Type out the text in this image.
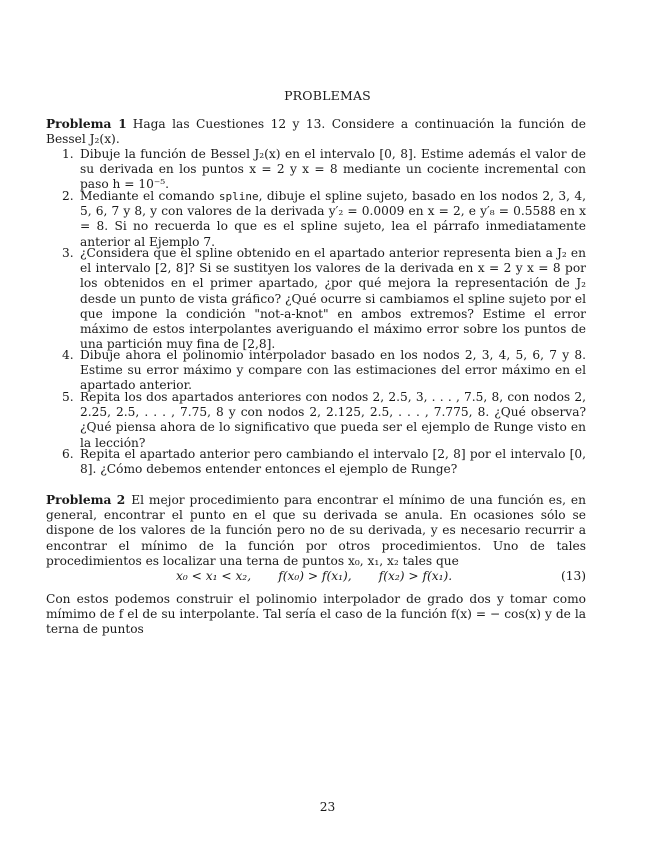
PROBLEMAS
Problema 1 Haga las Cuestiones 12 y 13. Considere a continuación la función de Bessel J₂(x).
1. Dibuje la función de Bessel J₂(x) en el intervalo [0, 8]. Estime además el valor de su derivada en los puntos x = 2 y x = 8 mediante un cociente incremental con paso h = 10⁻⁵.
2. Mediante el comando spline, dibuje el spline sujeto, basado en los nodos 2, 3, 4, 5, 6, 7 y 8, y con valores de la derivada y′₂ = 0.0009 en x = 2, e y′₈ = 0.5588 en x = 8. Si no recuerda lo que es el spline sujeto, lea el párrafo inmediatamente anterior al Ejemplo 7.
3. ¿Considera que el spline obtenido en el apartado anterior representa bien a J₂ en el intervalo [2, 8]? Si se sustityen los valores de la derivada en x = 2 y x = 8 por los obtenidos en el primer apartado, ¿por qué mejora la representación de J₂ desde un punto de vista gráfico? ¿Qué ocurre si cambiamos el spline sujeto por el que impone la condición "not-a-knot" en ambos extremos? Estime el error máximo de estos interpolantes averiguando el máximo error sobre los puntos de una partición muy fina de [2,8].
4. Dibuje ahora el polinomio interpolador basado en los nodos 2, 3, 4, 5, 6, 7 y 8. Estime su error máximo y compare con las estimaciones del error máximo en el apartado anterior.
5. Repita los dos apartados anteriores con nodos 2, 2.5, 3, . . . , 7.5, 8, con nodos 2, 2.25, 2.5, . . . , 7.75, 8 y con nodos 2, 2.125, 2.5, . . . , 7.775, 8. ¿Qué observa? ¿Qué piensa ahora de lo significativo que pueda ser el ejemplo de Runge visto en la lección?
6. Repita el apartado anterior pero cambiando el intervalo [2, 8] por el intervalo [0, 8]. ¿Cómo debemos entender entonces el ejemplo de Runge?
Problema 2 El mejor procedimiento para encontrar el mínimo de una función es, en general, encontrar el punto en el que su derivada se anula. En ocasiones sólo se dispone de los valores de la función pero no de su derivada, y es necesario recurrir a encontrar el mínimo de la función por otros procedimientos. Uno de tales procedimientos es localizar una terna de puntos x₀, x₁, x₂ tales que
x₀ < x₁ < x₂,       f(x₀) > f(x₁),       f(x₂) > f(x₁).	(13)
Con estos podemos construir el polinomio interpolador de grado dos y tomar como mímimo de f el de su interpolante. Tal sería el caso de la función f(x) = − cos(x) y de la terna de puntos
23
